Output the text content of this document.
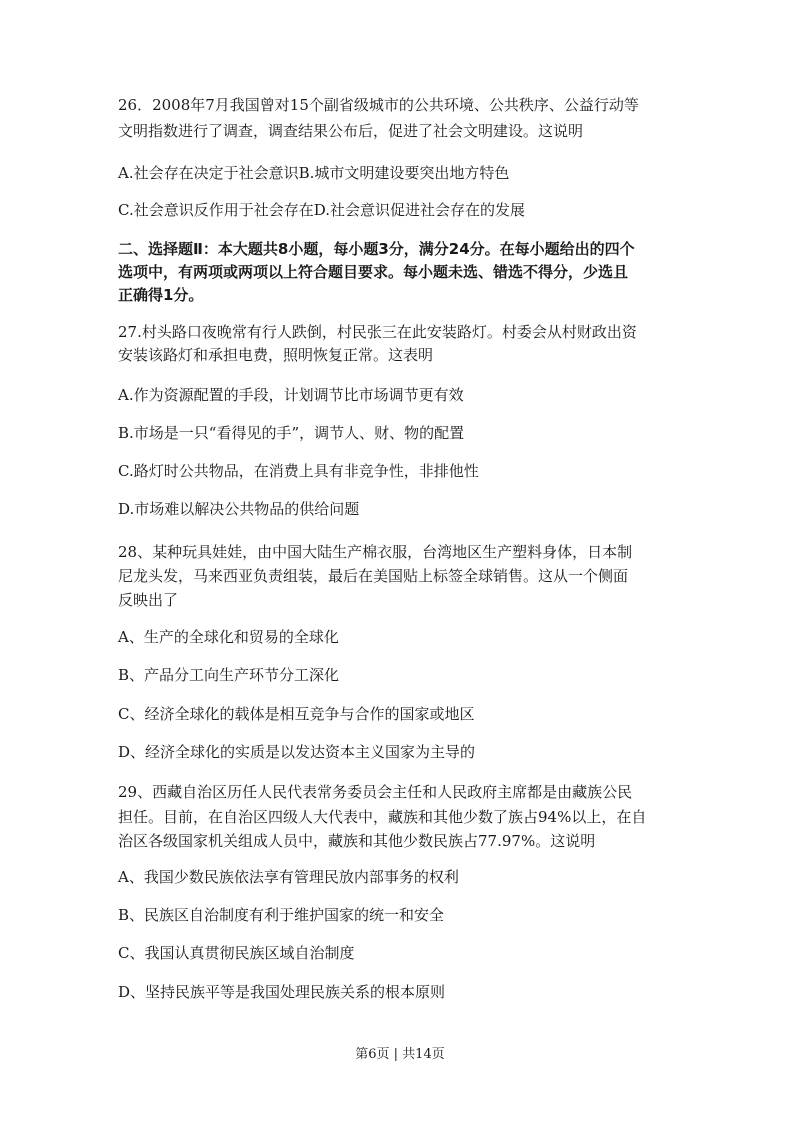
26．2008年7月我国曾对15个副省级城市的公共环境、公共秩序、公益行动等
文明指数进行了调查，调查结果公布后，促进了社会文明建设。这说明
A.社会存在决定于社会意识B.城市文明建设要突出地方特色
C.社会意识反作用于社会存在D.社会意识促进社会存在的发展
二、选择题Ⅱ：本大题共8小题，每小题3分，满分24分。在每小题给出的四个
选项中，有两项或两项以上符合题目要求。每小题未选、错选不得分，少选且
正确得1分。
27.村头路口夜晚常有行人跌倒，村民张三在此安装路灯。村委会从村财政出资
安装该路灯和承担电费，照明恢复正常。这表明
A.作为资源配置的手段，计划调节比市场调节更有效
B.市场是一只“看得见的手”，调节人、财、物的配置
C.路灯时公共物品，在消费上具有非竞争性，非排他性
D.市场难以解决公共物品的供给问题
28、某种玩具娃娃，由中国大陆生产棉衣服，台湾地区生产塑料身体，日本制
尼龙头发，马来西亚负责组装，最后在美国贴上标签全球销售。这从一个侧面
反映出了
A、生产的全球化和贸易的全球化
B、产品分工向生产环节分工深化
C、经济全球化的载体是相互竞争与合作的国家或地区
D、经济全球化的实质是以发达资本主义国家为主导的
29、西藏自治区历任人民代表常务委员会主任和人民政府主席都是由藏族公民
担任。目前，在自治区四级人大代表中，藏族和其他少数了族占94%以上，在自
治区各级国家机关组成人员中，藏族和其他少数民族占77.97%。这说明
A、我国少数民族依法享有管理民放内部事务的权利
B、民族区自治制度有利于维护国家的统一和安全
C、我国认真贯彻民族区域自治制度
D、坚持民族平等是我国处理民族关系的根本原则
第6页 | 共14页
